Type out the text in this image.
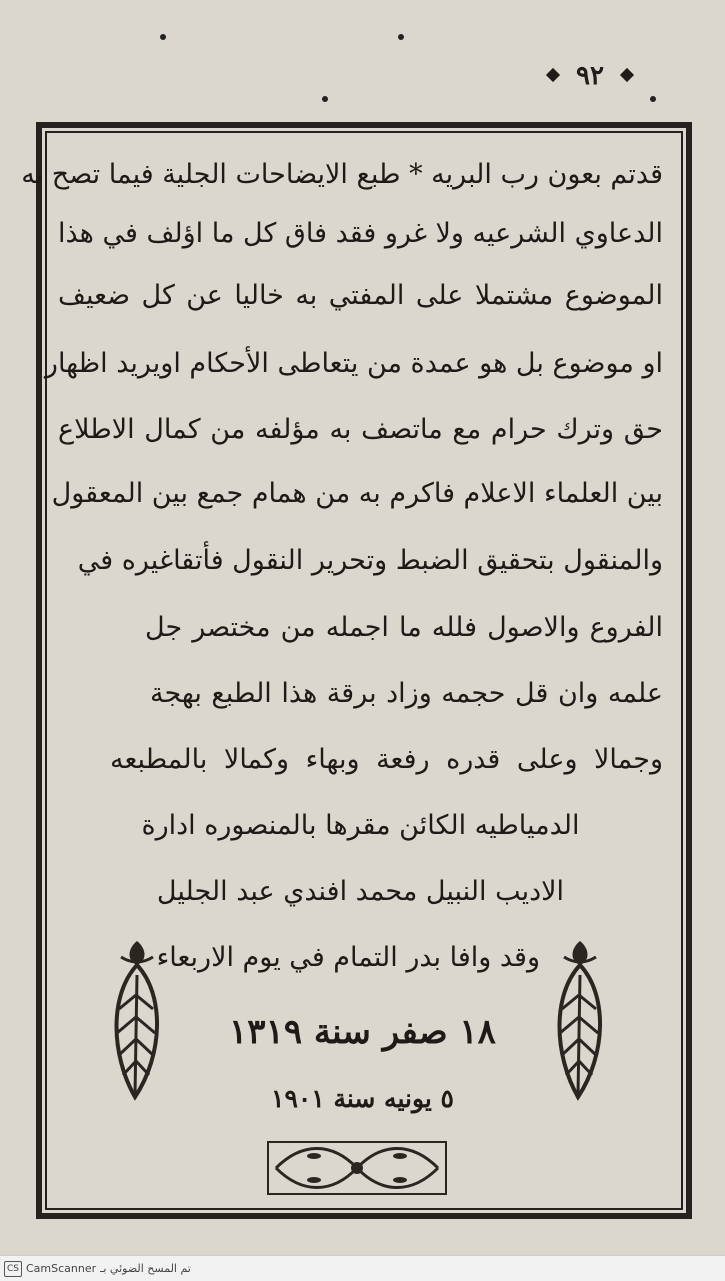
٩٢
قدتم بعون رب البريه * طبع الايضاحات الجلية فيما تصح به
الدعاوي الشرعيه ولا غرو فقد فاق كل ما اؤلف في هذا
الموضوع مشتملا على المفتي به خاليا عن كل ضعيف
او موضوع بل هو عمدة من يتعاطى الأحكام اويريد اظهار
حق وترك حرام مع ماتصف به مؤلفه من كمال الاطلاع
بين العلماء الاعلام فاكرم به من همام جمع بين المعقول
والمنقول بتحقيق الضبط وتحرير النقول فأتقاغيره في
الفروع والاصول فلله ما اجمله من مختصر جل
علمه وان قل حجمه وزاد برقة هذا الطبع بهجة
وجمالا وعلى قدره رفعة وبهاء وكمالا بالمطبعه
الدمياطيه الكائن مقرها بالمنصوره ادارة
الاديب النبيل محمد افندي عبد الجليل
وقد وافا بدر التمام في يوم الاربعاء
١٨ صفر سنة ١٣١٩
٥ يونيه سنة ١٩٠١
CS CamScanner تم المسح الضوئي بـ
